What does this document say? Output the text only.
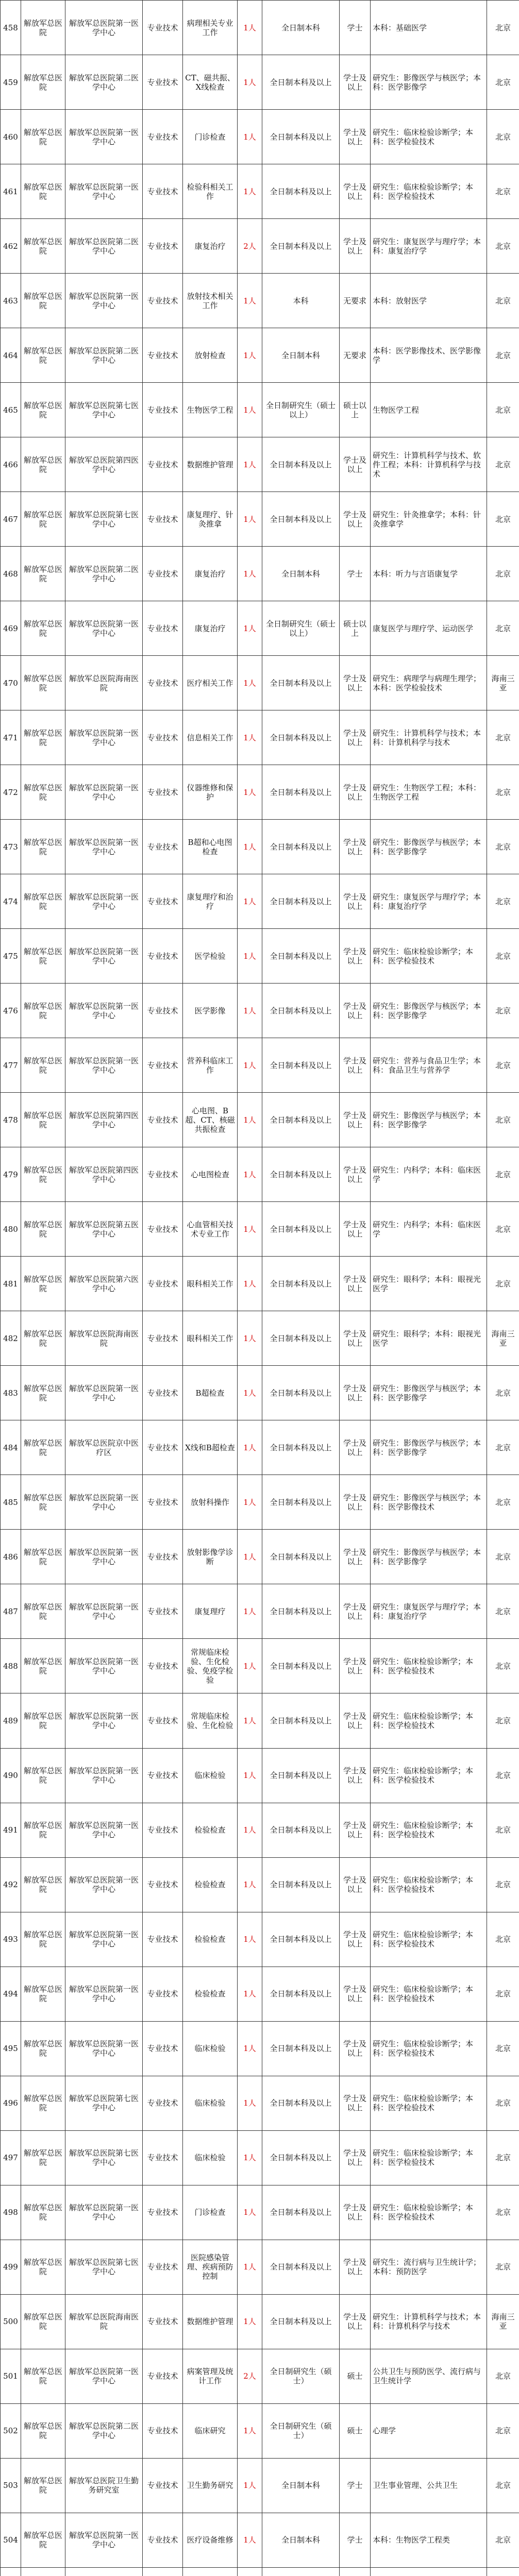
458	解放军总医院	解放军总医院第一医学中心	专业技术	病理相关专业工作	1人	全日制本科	学士	本科：基础医学	北京
459	解放军总医院	解放军总医院第二医学中心	专业技术	CT、磁共振、X线检查	1人	全日制本科及以上	学士及以上	研究生：影像医学与核医学；本科：医学影像学	北京
460	解放军总医院	解放军总医院第一医学中心	专业技术	门诊检查	1人	全日制本科及以上	学士及以上	研究生：临床检验诊断学；本科：医学检验技术	北京
461	解放军总医院	解放军总医院第一医学中心	专业技术	检验科相关工作	1人	全日制本科及以上	学士及以上	研究生：临床检验诊断学；本科：医学检验技术	北京
462	解放军总医院	解放军总医院第二医学中心	专业技术	康复治疗	2人	全日制本科及以上	学士及以上	研究生：康复医学与理疗学；本科：康复治疗学	北京
463	解放军总医院	解放军总医院第一医学中心	专业技术	放射技术相关工作	1人	本科	无要求	本科：放射医学	北京
464	解放军总医院	解放军总医院第二医学中心	专业技术	放射检查	1人	全日制本科	无要求	本科：医学影像技术、医学影像学	北京
465	解放军总医院	解放军总医院第七医学中心	专业技术	生物医学工程	1人	全日制研究生（硕士以上）	硕士以上	生物医学工程	北京
466	解放军总医院	解放军总医院第四医学中心	专业技术	数据维护管理	1人	全日制本科及以上	学士及以上	研究生：计算机科学与技术、软件工程；本科：计算机科学与技术	北京
467	解放军总医院	解放军总医院第七医学中心	专业技术	康复理疗、针灸推拿	1人	全日制本科及以上	学士及以上	研究生：针灸推拿学；本科：针灸推拿学	北京
468	解放军总医院	解放军总医院第二医学中心	专业技术	康复治疗	1人	全日制本科	学士	本科：听力与言语康复学	北京
469	解放军总医院	解放军总医院第一医学中心	专业技术	康复治疗	1人	全日制研究生（硕士以上）	硕士以上	康复医学与理疗学、运动医学	北京
470	解放军总医院	解放军总医院海南医院	专业技术	医疗相关工作	1人	全日制本科及以上	学士及以上	研究生：病理学与病理生理学；本科：医学检验技术	海南三亚
471	解放军总医院	解放军总医院第一医学中心	专业技术	信息相关工作	1人	全日制本科及以上	学士及以上	研究生：计算机科学与技术；本科：计算机科学与技术	北京
472	解放军总医院	解放军总医院第一医学中心	专业技术	仪器维修和保护	1人	全日制本科及以上	学士及以上	研究生：生物医学工程；本科：生物医学工程	北京
473	解放军总医院	解放军总医院第一医学中心	专业技术	B超和心电图检查	1人	全日制本科及以上	学士及以上	研究生：影像医学与核医学；本科：医学影像学	北京
474	解放军总医院	解放军总医院第一医学中心	专业技术	康复理疗和治疗	1人	全日制本科及以上	学士及以上	研究生：康复医学与理疗学；本科：康复治疗学	北京
475	解放军总医院	解放军总医院第一医学中心	专业技术	医学检验	1人	全日制本科及以上	学士及以上	研究生：临床检验诊断学；本科：医学检验技术	北京
476	解放军总医院	解放军总医院第一医学中心	专业技术	医学影像	1人	全日制本科及以上	学士及以上	研究生：影像医学与核医学；本科：医学影像学	北京
477	解放军总医院	解放军总医院第一医学中心	专业技术	营养科临床工作	1人	全日制本科及以上	学士及以上	研究生：营养与食品卫生学；本科：食品卫生与营养学	北京
478	解放军总医院	解放军总医院第四医学中心	专业技术	心电图、B超、CT、核磁共振检查	1人	全日制本科及以上	学士及以上	研究生：影像医学与核医学；本科：医学影像学	北京
479	解放军总医院	解放军总医院第四医学中心	专业技术	心电图检查	1人	全日制本科及以上	学士及以上	研究生：内科学；本科：临床医学	北京
480	解放军总医院	解放军总医院第五医学中心	专业技术	心血管相关技术专业工作	1人	全日制本科及以上	学士及以上	研究生：内科学；本科：临床医学	北京
481	解放军总医院	解放军总医院第六医学中心	专业技术	眼科相关工作	1人	全日制本科及以上	学士及以上	研究生：眼科学；本科：眼视光医学	北京
482	解放军总医院	解放军总医院海南医院	专业技术	眼科相关工作	1人	全日制本科及以上	学士及以上	研究生：眼科学；本科：眼视光医学	海南三亚
483	解放军总医院	解放军总医院第一医学中心	专业技术	B超检查	1人	全日制本科及以上	学士及以上	研究生：影像医学与核医学；本科：医学影像学	北京
484	解放军总医院	解放军总医院京中医疗区	专业技术	X线和B超检查	1人	全日制本科及以上	学士及以上	研究生：影像医学与核医学；本科：医学影像学	北京
485	解放军总医院	解放军总医院第一医学中心	专业技术	放射科操作	1人	全日制本科及以上	学士及以上	研究生：影像医学与核医学；本科：医学影像技术	北京
486	解放军总医院	解放军总医院第一医学中心	专业技术	放射影像学诊断	1人	全日制本科及以上	学士及以上	研究生：影像医学与核医学；本科：医学影像学	北京
487	解放军总医院	解放军总医院第一医学中心	专业技术	康复理疗	1人	全日制本科及以上	学士及以上	研究生：康复医学与理疗学；本科：康复治疗学	北京
488	解放军总医院	解放军总医院第一医学中心	专业技术	常规临床检验、生化检验、免疫学检验	1人	全日制本科及以上	学士及以上	研究生：临床检验诊断学；本科：医学检验技术	北京
489	解放军总医院	解放军总医院第一医学中心	专业技术	常规临床检验、生化检验	1人	全日制本科及以上	学士及以上	研究生：临床检验诊断学；本科：医学检验技术	北京
490	解放军总医院	解放军总医院第一医学中心	专业技术	临床检验	1人	全日制本科及以上	学士及以上	研究生：临床检验诊断学；本科：医学检验技术	北京
491	解放军总医院	解放军总医院第一医学中心	专业技术	检验检查	1人	全日制本科及以上	学士及以上	研究生：临床检验诊断学；本科：医学检验技术	北京
492	解放军总医院	解放军总医院第一医学中心	专业技术	检验检查	1人	全日制本科及以上	学士及以上	研究生：临床检验诊断学；本科：医学检验技术	北京
493	解放军总医院	解放军总医院第一医学中心	专业技术	检验检查	1人	全日制本科及以上	学士及以上	研究生：临床检验诊断学；本科：医学检验技术	北京
494	解放军总医院	解放军总医院第一医学中心	专业技术	检验检查	1人	全日制本科及以上	学士及以上	研究生：临床检验诊断学；本科：医学检验技术	北京
495	解放军总医院	解放军总医院第一医学中心	专业技术	临床检验	1人	全日制本科及以上	学士及以上	研究生：临床检验诊断学；本科：医学检验技术	北京
496	解放军总医院	解放军总医院第七医学中心	专业技术	临床检验	1人	全日制本科及以上	学士及以上	研究生：临床检验诊断学；本科：医学检验技术	北京
497	解放军总医院	解放军总医院第七医学中心	专业技术	临床检验	1人	全日制本科及以上	学士及以上	研究生：临床检验诊断学；本科：医学检验技术	北京
498	解放军总医院	解放军总医院第一医学中心	专业技术	门诊检查	1人	全日制本科及以上	学士及以上	研究生：临床检验诊断学；本科：医学检验技术	北京
499	解放军总医院	解放军总医院第七医学中心	专业技术	医院感染管理、疾病预防控制	1人	全日制本科及以上	学士及以上	研究生：流行病与卫生统计学；本科：预防医学	北京
500	解放军总医院	解放军总医院海南医院	专业技术	数据维护管理	1人	全日制本科及以上	学士及以上	研究生：计算机科学与技术；本科：计算机科学与技术	海南三亚
501	解放军总医院	解放军总医院第一医学中心	专业技术	病案管理及统计工作	2人	全日制研究生（硕士）	硕士	公共卫生与预防医学、流行病与卫生统计学	北京
502	解放军总医院	解放军总医院第二医学中心	专业技术	临床研究	1人	全日制研究生（硕士）	硕士	心理学	北京
503	解放军总医院	解放军总医院卫生勤务研究室	专业技术	卫生勤务研究	1人	全日制本科	学士	卫生事业管理、公共卫生	北京
504	解放军总医院	解放军总医院第一医学中心	专业技术	医疗设备维修	1人	全日制本科	学士	本科：生物医学工程类	北京
